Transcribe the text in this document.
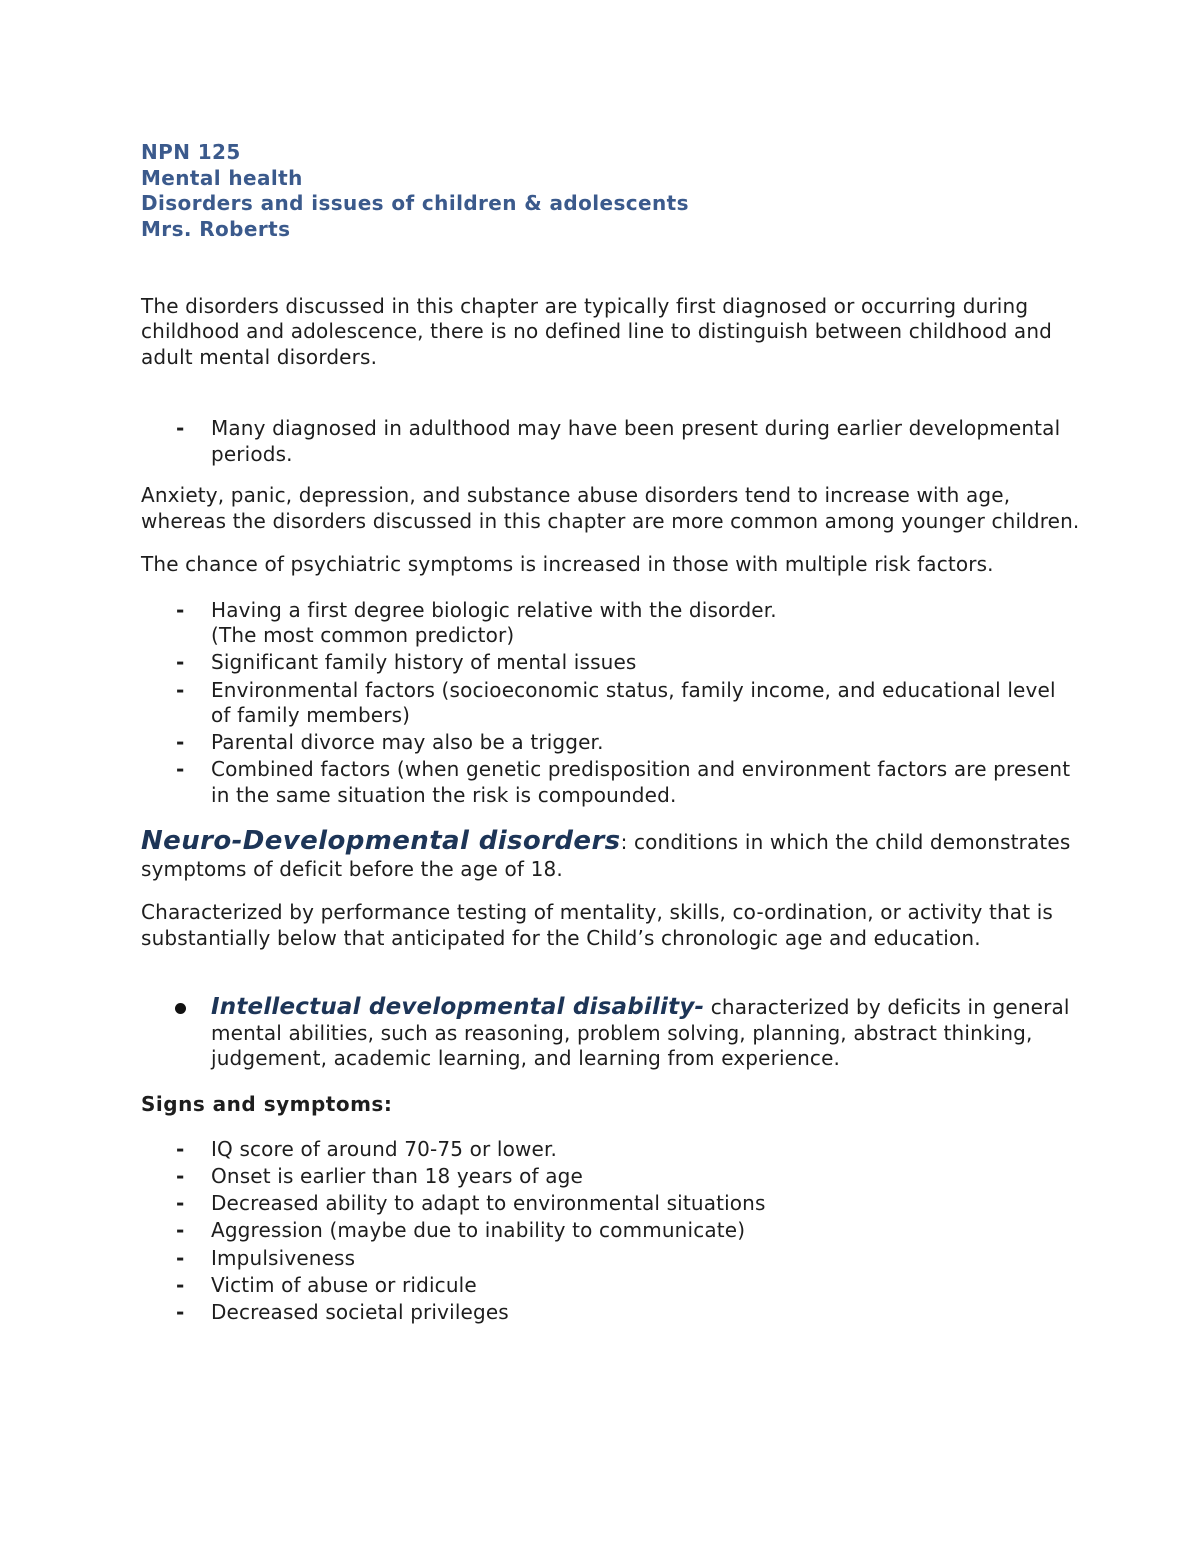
NPN 125
Mental health
Disorders and issues of children & adolescents
Mrs. Roberts

The disorders discussed in this chapter are typically first diagnosed or occurring during childhood and adolescence, there is no defined line to distinguish between childhood and adult mental disorders.

- Many diagnosed in adulthood may have been present during earlier developmental periods.

Anxiety, panic, depression, and substance abuse disorders tend to increase with age, whereas the disorders discussed in this chapter are more common among younger children.

The chance of psychiatric symptoms is increased in those with multiple risk factors.

- Having a first degree biologic relative with the disorder.
(The most common predictor)
- Significant family history of mental issues
- Environmental factors (socioeconomic status, family income, and educational level of family members)
- Parental divorce may also be a trigger.
- Combined factors (when genetic predisposition and environment factors are present in the same situation the risk is compounded.

Neuro-Developmental disorders: conditions in which the child demonstrates symptoms of deficit before the age of 18.

Characterized by performance testing of mentality, skills, co-ordination, or activity that is substantially below that anticipated for the Child’s chronologic age and education.

Intellectual developmental disability- characterized by deficits in general mental abilities, such as reasoning, problem solving, planning, abstract thinking, judgement, academic learning, and learning from experience.

Signs and symptoms:

- IQ score of around 70-75 or lower.
- Onset is earlier than 18 years of age
- Decreased ability to adapt to environmental situations
- Aggression (maybe due to inability to communicate)
- Impulsiveness
- Victim of abuse or ridicule
- Decreased societal privileges
